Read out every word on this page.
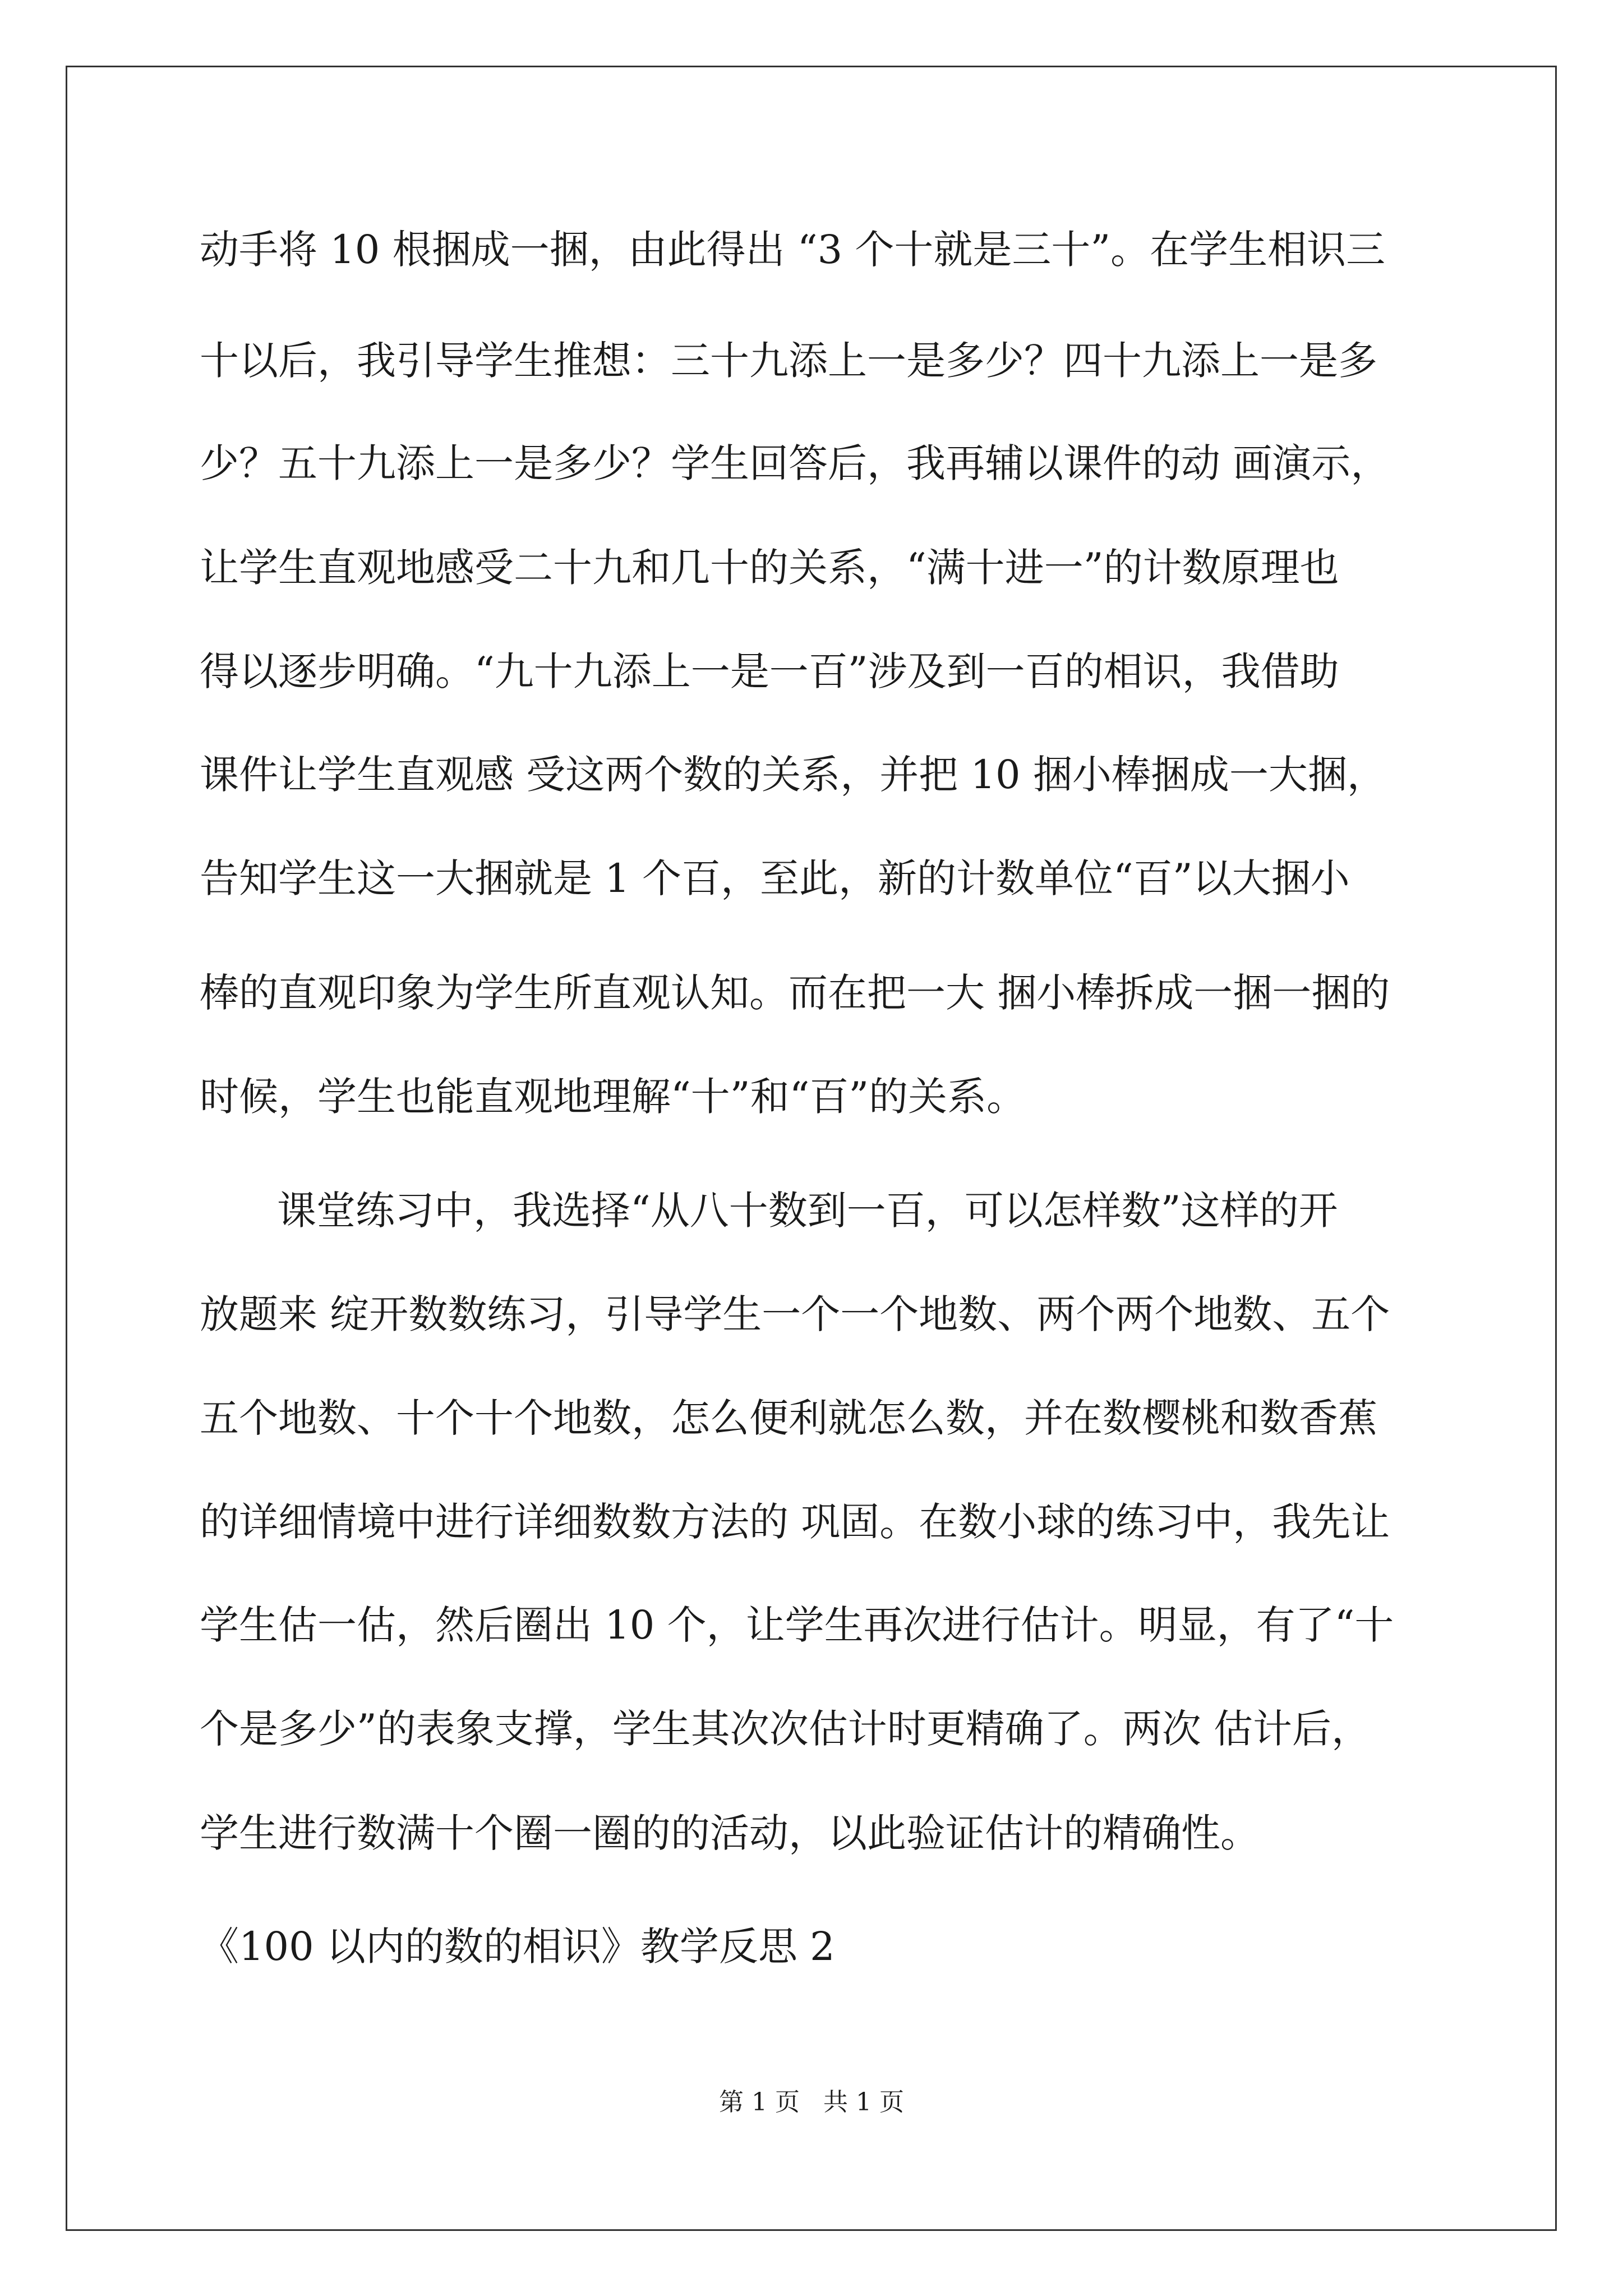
动手将 10 根捆成一捆，由此得出 “3 个十就是三十”。在学生相识三
十以后，我引导学生推想：三十九添上一是多少？四十九添上一是多
少？五十九添上一是多少？学生回答后，我再辅以课件的动 画演示，
让学生直观地感受二十九和几十的关系，“满十进一”的计数原理也
得以逐步明确。“九十九添上一是一百”涉及到一百的相识，我借助
课件让学生直观感 受这两个数的关系，并把 10 捆小棒捆成一大捆，
告知学生这一大捆就是 1 个百，至此，新的计数单位“百”以大捆小
棒的直观印象为学生所直观认知。而在把一大 捆小棒拆成一捆一捆的
时候，学生也能直观地理解“十”和“百”的关系。
课堂练习中，我选择“从八十数到一百，可以怎样数”这样的开
放题来 绽开数数练习，引导学生一个一个地数、两个两个地数、五个
五个地数、十个十个地数，怎么便利就怎么数，并在数樱桃和数香蕉
的详细情境中进行详细数数方法的 巩固。在数小球的练习中，我先让
学生估一估，然后圈出 10 个，让学生再次进行估计。明显，有了“十
个是多少”的表象支撑，学生其次次估计时更精确了。两次 估计后，
学生进行数满十个圈一圈的的活动，以此验证估计的精确性。
《100 以内的数的相识》教学反思 2
第 1 页   共 1 页
